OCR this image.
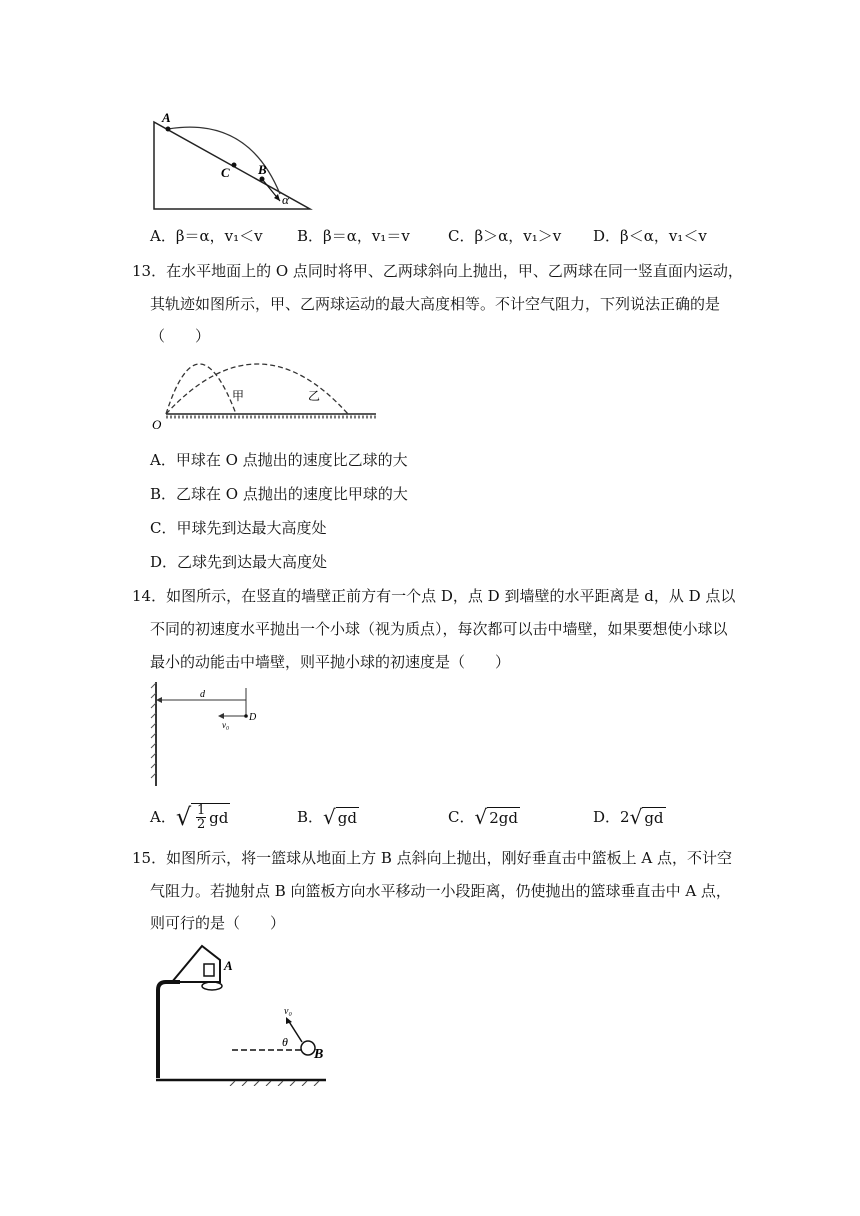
A
C B
α
A．β＝α，v₁＜v B．β＝α，v₁＝v	C．β＞α，v₁＞v D．β＜α，v₁＜v
13．在水平地面上的 O 点同时将甲、乙两球斜向上抛出，甲、乙两球在同一竖直面内运动，
其轨迹如图所示，甲、乙两球运动的最大高度相等。不计空气阻力，下列说法正确的是
（　　）
O
甲	乙
A．甲球在 O 点抛出的速度比乙球的大
B．乙球在 O 点抛出的速度比甲球的大
C．甲球先到达最大高度处
D．乙球先到达最大高度处
14．如图所示，在竖直的墙壁正前方有一个点 D，点 D 到墙壁的水平距离是 d，从 D 点以
不同的初速度水平抛出一个小球（视为质点），每次都可以击中墙壁，如果要想使小球以
最小的动能击中墙壁，则平抛小球的初速度是（　　）
d
v₀
D
A． √ $\frac{1}{2}$ gd	B． √ gd	C． √ 2gd	D． 2 √ gd
15．如图所示，将一篮球从地面上方 B 点斜向上抛出，刚好垂直击中篮板上 A 点，不计空
气阻力。若抛射点 B 向篮板方向水平移动一小段距离，仍使抛出的篮球垂直击中 A 点，
则可行的是（　　）
A
v₀
θ
B
